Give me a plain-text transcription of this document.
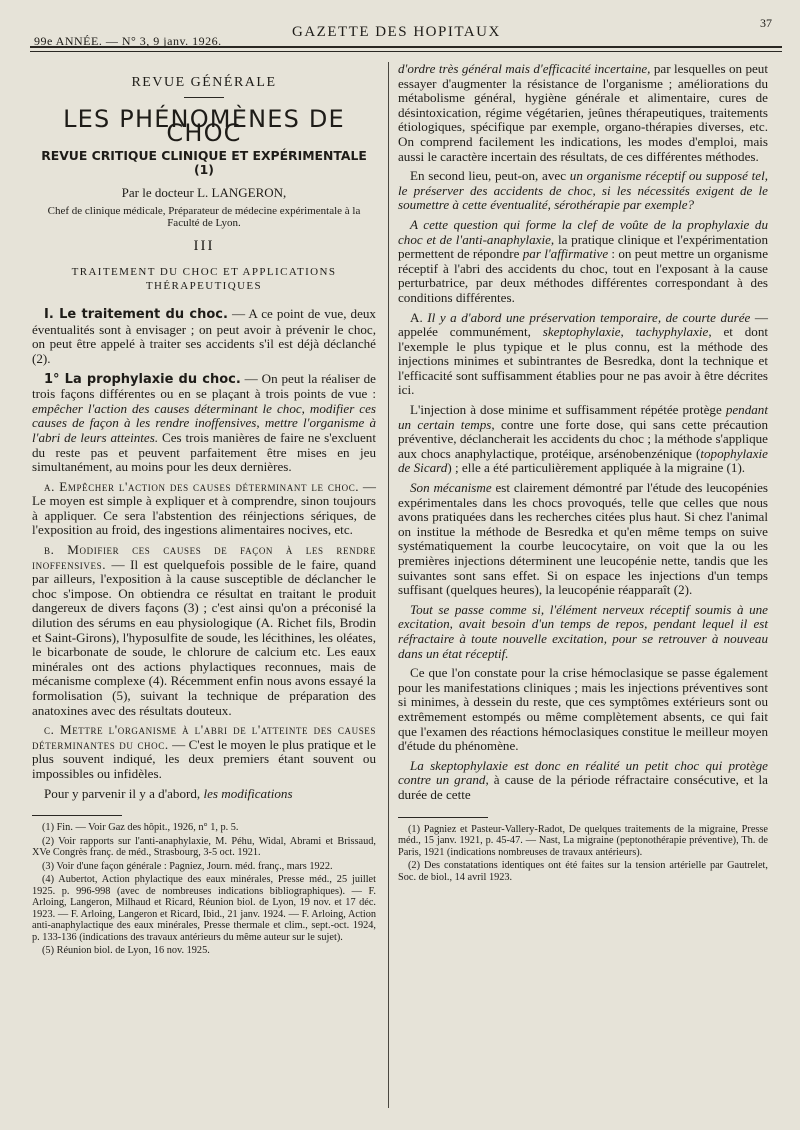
99e ANNÉE. — N° 3, 9 janv. 1926.
GAZETTE DES HOPITAUX
37
REVUE GÉNÉRALE
LES PHÉNOMÈNES DE CHOC
REVUE CRITIQUE CLINIQUE ET EXPÉRIMENTALE (1)
Par le docteur L. LANGERON,
Chef de clinique médicale, Préparateur de médecine expérimentale à la Faculté de Lyon.
III
TRAITEMENT DU CHOC ET APPLICATIONS THÉRAPEUTIQUES

I. Le traitement du choc. — A ce point de vue, deux éventualités sont à envisager ; on peut avoir à prévenir le choc, on peut être appelé à traiter ses accidents s'il est déjà déclanché (2).

1° La prophylaxie du choc. — On peut la réaliser de trois façons différentes ou en se plaçant à trois points de vue : empêcher l'action des causes déterminant le choc, modifier ces causes de façon à les rendre inoffensives, mettre l'organisme à l'abri de leurs atteintes. Ces trois manières de faire ne s'excluent du reste pas et peuvent parfaitement être mises en jeu simultanément, au moins pour les deux dernières.

a. Empêcher l'action des causes déterminant le choc. — Le moyen est simple à expliquer et à comprendre, sinon toujours à appliquer. Ce sera l'abstention des réinjections sériques, de l'exposition au froid, des ingestions alimentaires nocives, etc.

b. Modifier ces causes de façon à les rendre inoffensives. — Il est quelquefois possible de le faire, quand par ailleurs, l'exposition à la cause susceptible de déclancher le choc s'impose. On obtiendra ce résultat en traitant le produit dangereux de divers façons (3) ; c'est ainsi qu'on a préconisé la dilution des sérums en eau physiologique (A. Richet fils, Brodin et Saint-Girons), l'hyposulfite de soude, les lécithines, les oléates, le bicarbonate de soude, le chlorure de calcium etc. Les eaux minérales ont des actions phylactiques reconnues, mais de mécanisme complexe (4). Récemment enfin nous avons essayé la formolisation (5), suivant la technique de préparation des anatoxines avec des résultats douteux.

c. Mettre l'organisme à l'abri de l'atteinte des causes déterminantes du choc. — C'est le moyen le plus pratique et le plus souvent indiqué, les deux premiers étant souvent ou impossibles ou infidèles.

Pour y parvenir il y a d'abord, les modifications

(1) Fin. — Voir Gaz des hôpit., 1926, n° 1, p. 5.

(2) Voir rapports sur l'anti-anaphylaxie, M. Péhu, Widal, Abrami et Brissaud, XVe Congrès franç. de méd., Strasbourg, 3-5 oct. 1921.

(3) Voir d'une façon générale : Pagniez, Journ. méd. franç., mars 1922.

(4) Aubertot, Action phylactique des eaux minérales, Presse méd., 25 juillet 1925. p. 996-998 (avec de nombreuses indications bibliographiques). — F. Arloing, Langeron, Milhaud et Ricard, Réunion biol. de Lyon, 19 nov. et 17 déc. 1923. — F. Arloing, Langeron et Ricard, Ibid., 21 janv. 1924. — F. Arloing, Action anti-anaphylactique des eaux minérales, Presse thermale et clim., sept.-oct. 1924, p. 133-136 (indications des travaux antérieurs du même auteur sur le sujet).

(5) Réunion biol. de Lyon, 16 nov. 1925.

d'ordre très général mais d'efficacité incertaine, par lesquelles on peut essayer d'augmenter la résistance de l'organisme ; améliorations du métabolisme général, hygiène générale et alimentaire, cures de désintoxication, régime végétarien, jeûnes thérapeutiques, traitements étiologiques, spécifique par exemple, organo-thérapies diverses, etc. On comprend facilement les indications, les modes d'emploi, mais aussi le caractère incertain des résultats, de ces différentes méthodes.

En second lieu, peut-on, avec un organisme réceptif ou supposé tel, le préserver des accidents de choc, si les nécessités exigent de le soumettre à cette éventualité, sérothérapie par exemple?

A cette question qui forme la clef de voûte de la prophylaxie du choc et de l'anti-anaphylaxie, la pratique clinique et l'expérimentation permettent de répondre par l'affirmative : on peut mettre un organisme réceptif à l'abri des accidents du choc, tout en l'exposant à la cause perturbatrice, par deux méthodes différentes correspondant à des conditions différentes.

A. Il y a d'abord une préservation temporaire, de courte durée — appelée communément, skeptophylaxie, tachyphylaxie, et dont l'exemple le plus typique et le plus connu, est la méthode des injections minimes et subintrantes de Besredka, dont la technique et l'efficacité sont suffisamment établies pour ne pas avoir à être décrites ici.

L'injection à dose minime et suffisamment répétée protège pendant un certain temps, contre une forte dose, qui sans cette précaution préventive, déclancherait les accidents du choc ; la méthode s'applique aux chocs anaphylactique, protéique, arsénobenzénique (topophylaxie de Sicard) ; elle a été particulièrement appliquée à la migraine (1).

Son mécanisme est clairement démontré par l'étude des leucopénies expérimentales dans les chocs provoqués, telle que celles que nous avons pratiquées dans les recherches citées plus haut. Si chez l'animal on institue la méthode de Besredka et qu'en même temps on suive systématiquement la courbe leucocytaire, on voit que la ou les premières injections déterminent une leucopénie nette, tandis que les suivantes sont sans effet. Si on espace les injections d'un temps suffisant (quelques heures), la leucopénie réapparaît (2).

Tout se passe comme si, l'élément nerveux réceptif soumis à une excitation, avait besoin d'un temps de repos, pendant lequel il est réfractaire à toute nouvelle excitation, pour se retrouver à nouveau dans un état réceptif.

Ce que l'on constate pour la crise hémoclasique se passe également pour les manifestations cliniques ; mais les injections préventives sont si minimes, à dessein du reste, que ces symptômes extérieurs sont ou extrêmement estompés ou même complètement absents, ce qui fait que l'examen des réactions hémoclasiques constitue le meilleur moyen d'étude du phénomène.

La skeptophylaxie est donc en réalité un petit choc qui protège contre un grand, à cause de la période réfractaire consécutive, et la durée de cette

(1) Pagniez et Pasteur-Vallery-Radot, De quelques traitements de la migraine, Presse méd., 15 janv. 1921, p. 45-47. — Nast, La migraine (peptonothérapie préventive), Th. de Paris, 1921 (indications nombreuses de travaux antérieurs).

(2) Des constatations identiques ont été faites sur la tension artérielle par Gautrelet, Soc. de biol., 14 avril 1923.
